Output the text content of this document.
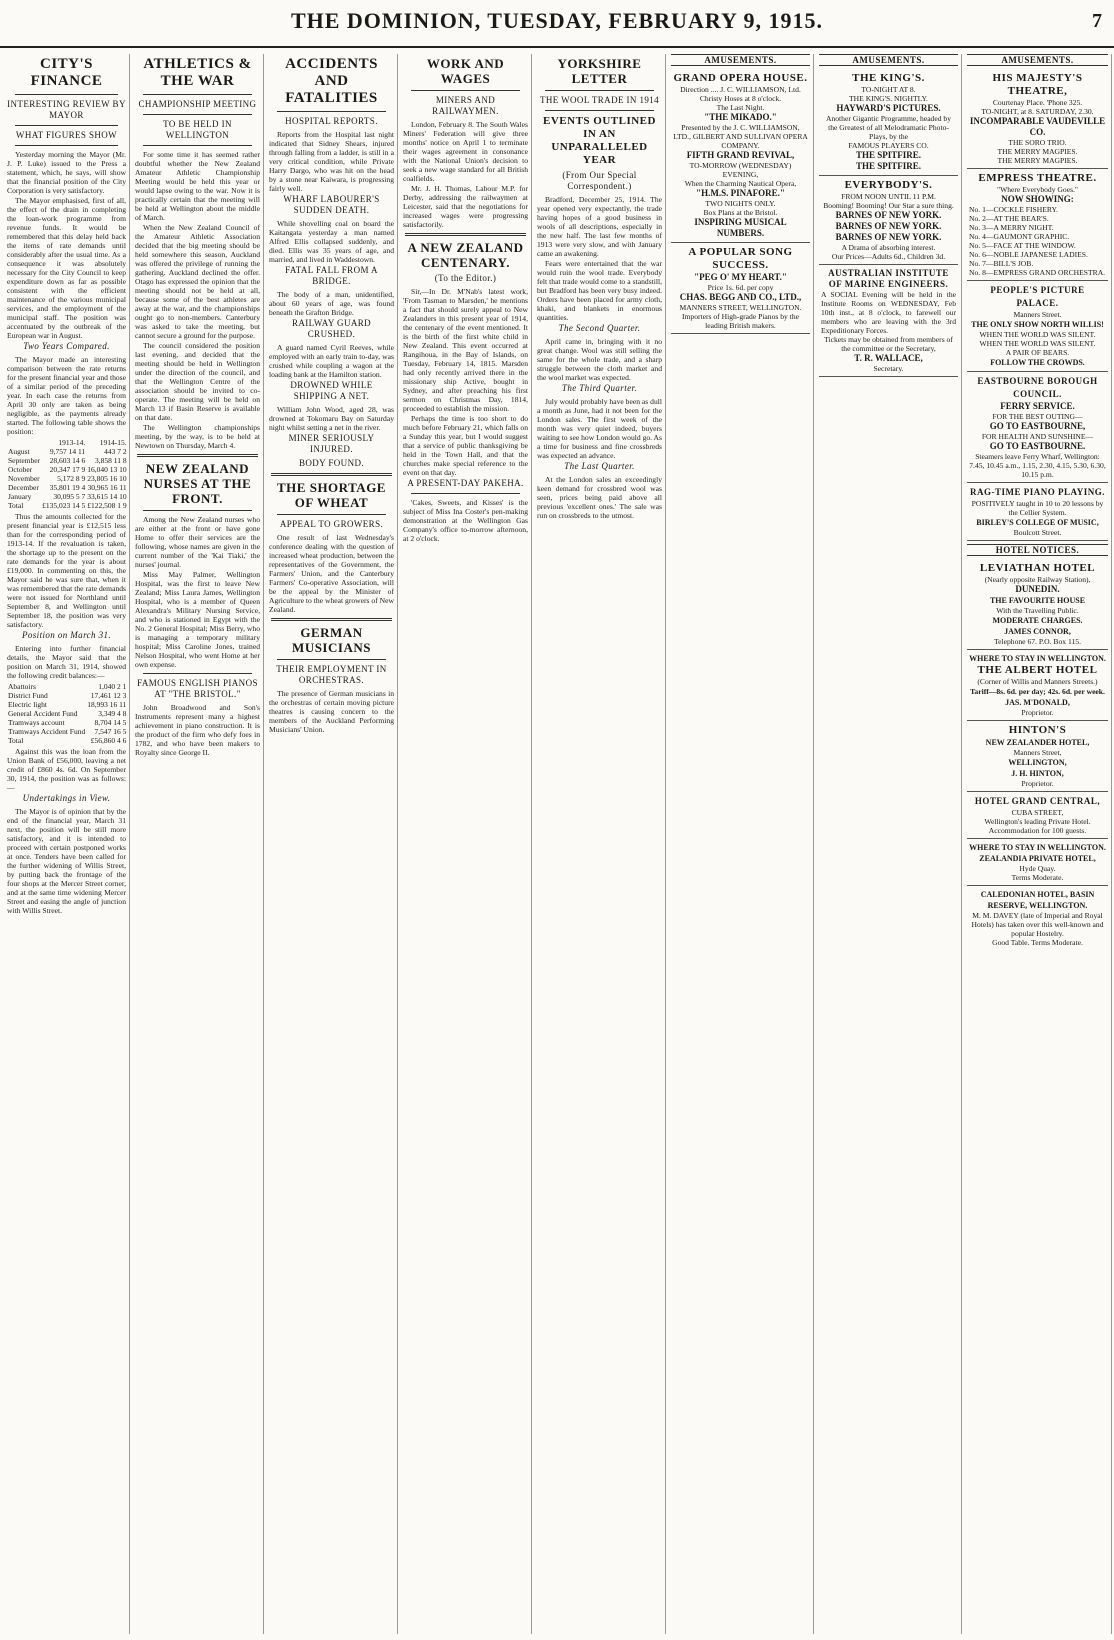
THE DOMINION, TUESDAY, FEBRUARY 9, 1915.	7
CITY'S FINANCE
INTERESTING REVIEW BY MAYOR
WHAT FIGURES SHOW

Yesterday morning the Mayor (Mr. J. P. Luke) issued to the Press a statement, which, he says, will show that the financial position of the City Corporation is very satisfactory.

The Mayor emphasised, first of all, the effect of the drain in completing the loan-work programme from revenue funds. It would be remembered that this delay held back the items of rate demands until considerably after the usual time. As a consequence it was absolutely necessary for the City Council to keep expenditure down as far as possible consistent with the efficient maintenance of the various municipal services, and the employment of the municipal staff. The position was accentuated by the outbreak of the European war in August.

Two Years Compared.

The Mayor made an interesting comparison between the rate returns for the present financial year and those of a similar period of the preceding year. In each case the returns from April 30 only are taken as being negligible, as the payments already started. The following table shows the position:

	1913-14.	1914-15.
August	9,757 14 11	443 7 2
September	28,603 14 6	3,858 11 8
October	20,347 17 9	16,040 13 10
November	5,172 8 9	23,805 16 10
December	35,801 19 4	30,965 16 11
January	30,095 5 7	33,615 14 10
Total	£135,023 14 5	£122,508 1 9

Thus the amounts collected for the present financial year is £12,515 less than for the corresponding period of 1913-14. If the revaluation is taken, the shortage up to the present on the rate demands for the year is about £19,000. In commenting on this, the Mayor said he was sure that, when it was remembered that the rate demands were not issued for Northland until September 8, and Wellington until September 18, the position was very satisfactory.

Position on March 31.

Entering into further financial details, the Mayor said that the position on March 31, 1914, showed the following credit balances:—

Abattoirs	1,040 2 1
District Fund	17,461 12 3
Electric light	18,993 16 11
General Accident Fund	3,349 4 8
Tramways account	8,704 14 5
Tramways Accident Fund	7,547 16 5
Total	£56,860 4 6

Against this was the loan from the Union Bank of £56,000, leaving a net credit of £860 4s. 6d. On September 30, 1914, the position was as follows:—

Undertakings in View.

The Mayor is of opinion that by the end of the financial year, March 31 next, the position will be still more satisfactory, and it is intended to proceed with certain postponed works at once. Tenders have been called for the further widening of Willis Street, by putting back the frontage of the four shops at the Mercer Street corner, and at the same time widening Mercer Street and easing the angle of junction with Willis Street.

ATHLETICS & THE WAR
CHAMPIONSHIP MEETING
TO BE HELD IN WELLINGTON

For some time it has seemed rather doubtful whether the New Zealand Amateur Athletic Championship Meeting would be held this year or would lapse owing to the war. Now it is practically certain that the meeting will be held at Wellington about the middle of March.

When the New Zealand Council of the Amateur Athletic Association decided that the big meeting should be held somewhere this season, Auckland was offered the privilege of running the gathering. Auckland declined the offer. Otago has expressed the opinion that the meeting should not be held at all, because some of the best athletes are away at the war, and the championships ought go to non-members. Canterbury was asked to take the meeting, but cannot secure a ground for the purpose.

The council considered the position last evening, and decided that the meeting should be held in Wellington under the direction of the council, and that the Wellington Centre of the association should be invited to co-operate. The meeting will be held on March 13 if Basin Reserve is available on that date.

The Wellington championships meeting, by the way, is to be held at Newtown on Thursday, March 4.

NEW ZEALAND NURSES AT THE FRONT.

Among the New Zealand nurses who are either at the front or have gone Home to offer their services are the following, whose names are given in the current number of the 'Kai Tiaki,' the nurses' journal.

Miss May Palmer, Wellington Hospital, was the first to leave New Zealand; Miss Laura James, Wellington Hospital, who is a member of Queen Alexandra's Military Nursing Service, and who is stationed in Egypt with the No. 2 General Hospital; Miss Berry, who is managing a temporary military hospital; Miss Caroline Jones, trained Nelson Hospital, who went Home at her own expense.

FAMOUS ENGLISH PIANOS AT "THE BRISTOL."

John Broadwood and Son's Instruments represent many a highest achievement in piano construction. It is the product of the firm who defy foes in 1782, and who have been makers to Royalty since George II.

ACCIDENTS AND FATALITIES
HOSPITAL REPORTS.

Reports from the Hospital last night indicated that Sidney Shears, injured through falling from a ladder, is still in a very critical condition, while Private Harry Dargo, who was hit on the head by a stone near Kaiwara, is progressing fairly well.

WHARF LABOURER'S SUDDEN DEATH.

While shovelling coal on board the Kaitangata yesterday a man named Alfred Ellis collapsed suddenly, and died. Ellis was 35 years of age, and married, and lived in Waddestown.

FATAL FALL FROM A BRIDGE.

The body of a man, unidentified, about 60 years of age, was found beneath the Grafton Bridge.

RAILWAY GUARD CRUSHED.

A guard named Cyril Reeves, while employed with an early train to-day, was crushed while coupling a wagon at the loading bank at the Hamilton station.

DROWNED WHILE SHIPPING A NET.

William John Wood, aged 28, was drowned at Tokomaru Bay on Saturday night whilst setting a net in the river.

MINER SERIOUSLY INJURED.
BODY FOUND.
THE SHORTAGE OF WHEAT
APPEAL TO GROWERS.

One result of last Wednesday's conference dealing with the question of increased wheat production, between the representatives of the Government, the Farmers' Union, and the Canterbury Farmers' Co-operative Association, will be the appeal by the Minister of Agriculture to the wheat growers of New Zealand.

GERMAN MUSICIANS
THEIR EMPLOYMENT IN ORCHESTRAS.

The presence of German musicians in the orchestras of certain moving picture theatres is causing concern to the members of the Auckland Performing Musicians' Union.

WORK AND WAGES
MINERS AND RAILWAYMEN.

London, February 8. The South Wales Miners' Federation will give three months' notice on April 1 to terminate their wages agreement in consonance with the National Union's decision to seek a new wage standard for all British coalfields.

Mr. J. H. Thomas, Labour M.P. for Derby, addressing the railwaymen at Leicester, said that the negotiations for increased wages were progressing satisfactorily.

A NEW ZEALAND CENTENARY.
(To the Editor.)

Sir,—In Dr. M'Nab's latest work, 'From Tasman to Marsden,' he mentions a fact that should surely appeal to New Zealanders in this present year of 1914, the centenary of the event mentioned. It is the birth of the first white child in New Zealand. This event occurred at Rangihoua, in the Bay of Islands, on Tuesday, February 14, 1815. Marsden had only recently arrived there in the missionary ship Active, bought in Sydney, and after preaching his first sermon on Christmas Day, 1814, proceeded to establish the mission.

Perhaps the time is too short to do much before February 21, which falls on a Sunday this year, but I would suggest that a service of public thanksgiving be held in the Town Hall, and that the churches make special reference to the event on that day.

A PRESENT-DAY PAKEHA.

'Cakes, Sweets, and Kisses' is the subject of Miss Ina Coster's pen-making demonstration at the Wellington Gas Company's office to-morrow afternoon, at 2 o'clock.

YORKSHIRE LETTER
THE WOOL TRADE IN 1914
EVENTS OUTLINED IN AN UNPARALLELED YEAR
(From Our Special Correspondent.)

Bradford, December 25, 1914. The year opened very expectantly, the trade having hopes of a good business in wools of all descriptions, especially in the new half. The last few months of 1913 were very slow, and with January came an awakening.

Fears were entertained that the war would ruin the wool trade. Everybody felt that trade would come to a standstill, but Bradford has been very busy indeed. Orders have been placed for army cloth, khaki, and blankets in enormous quantities.

The Second Quarter.

April came in, bringing with it no great change. Wool was still selling the same for the whole trade, and a sharp struggle between the cloth market and the wool market was expected.

The Third Quarter.

July would probably have been as dull a month as June, had it not been for the London sales. The first week of the month was very quiet indeed, buyers waiting to see how London would go. As a time for business and fine crossbreds was expected an advance.

The Last Quarter.

At the London sales an exceedingly keen demand for crossbred wool was seen, prices being paid above all previous 'excellent ones.' The sale was run on crossbreds to the utmost.

AMUSEMENTS.
GRAND OPERA HOUSE.
Direction .... J. C. WILLIAMSON, Ltd.
Christy Hoses at 8 o'clock.
The Last Night.
"THE MIKADO."
Presented by the J. C. WILLIAMSON, LTD., GILBERT AND SULLIVAN OPERA COMPANY.
FIFTH GRAND REVIVAL,
TO-MORROW (WEDNESDAY) EVENING,
When the Charming Nautical Opera,
"H.M.S. PINAFORE."
TWO NIGHTS ONLY.
Box Plans at the Bristol.
INSPIRING MUSICAL NUMBERS.
A POPULAR SONG SUCCESS.
"PEG O' MY HEART."
Price 1s. 6d. per copy
CHAS. BEGG AND CO., LTD.,
MANNERS STREET, WELLINGTON.
Importers of High-grade Pianos by the leading British makers.
AMUSEMENTS.
THE KING'S.
TO-NIGHT AT 8.
THE KING'S. NIGHTLY.
HAYWARD'S PICTURES.
Another Gigantic Programme, headed by the Greatest of all Melodramatic Photo-Plays, by the
FAMOUS PLAYERS CO.
THE SPITFIRE.
THE SPITFIRE.
EVERYBODY'S.
FROM NOON UNTIL 11 P.M.
Booming! Booming! Our Star a sure thing.
BARNES OF NEW YORK.
BARNES OF NEW YORK.
BARNES OF NEW YORK.
A Drama of absorbing interest.
Our Prices—Adults 6d., Children 3d.
AUSTRALIAN INSTITUTE OF MARINE ENGINEERS.
A SOCIAL Evening will be held in the Institute Rooms on WEDNESDAY, Feb 10th inst., at 8 o'clock, to farewell our members who are leaving with the 3rd Expeditionary Forces.
Tickets may be obtained from members of the committee or the Secretary,
T. R. WALLACE,
Secretary.
AMUSEMENTS.
HIS MAJESTY'S THEATRE,
Courtenay Place. 'Phone 325.
TO-NIGHT, at 8. SATURDAY, 2.30.
INCOMPARABLE VAUDEVILLE CO.
THE SORO TRIO.
THE MERRY MAGPIES.
THE MERRY MAGPIES.
EMPRESS THEATRE.
"Where Everybody Goes."
NOW SHOWING:
No. 1—COCKLE FISHERY.
No. 2—AT THE BEAR'S.
No. 3—A MERRY NIGHT.
No. 4—GAUMONT GRAPHIC.
No. 5—FACE AT THE WINDOW.
No. 6—NOBLE JAPANESE LADIES.
No. 7—BILL'S JOB.
No. 8—EMPRESS GRAND ORCHESTRA.
PEOPLE'S PICTURE PALACE.
Manners Street.
THE ONLY SHOW NORTH WILLIS!
WHEN THE WORLD WAS SILENT.
WHEN THE WORLD WAS SILENT.
A PAIR OF BEARS.
FOLLOW THE CROWDS.
EASTBOURNE BOROUGH COUNCIL.
FERRY SERVICE.
FOR THE BEST OUTING—
GO TO EASTBOURNE,
FOR HEALTH AND SUNSHINE—
GO TO EASTBOURNE.
Steamers leave Ferry Wharf, Wellington:
7.45, 10.45 a.m., 1.15, 2.30, 4.15, 5.30, 6.30, 10.15 p.m.
RAG-TIME PIANO PLAYING.
POSITIVELY taught in 10 to 20 lessons by the Cellier System.
BIRLEY'S COLLEGE OF MUSIC,
Boulcott Street.
HOTEL NOTICES.
LEVIATHAN HOTEL
(Nearly opposite Railway Station),
DUNEDIN.
THE FAVOURITE HOUSE
With the Travelling Public.
MODERATE CHARGES.
JAMES CONNOR,
Telephone 67. P.O. Box 115.
WHERE TO STAY IN WELLINGTON.
THE ALBERT HOTEL
(Corner of Willis and Manners Streets.)
Tariff—8s. 6d. per day; 42s. 6d. per week.
JAS. M'DONALD,
Proprietor.
HINTON'S
NEW ZEALANDER HOTEL,
Manners Street,
WELLINGTON,
J. H. HINTON,
Proprietor.
HOTEL GRAND CENTRAL,
CUBA STREET,
Wellington's leading Private Hotel.
Accommodation for 100 guests.
WHERE TO STAY IN WELLINGTON.
ZEALANDIA PRIVATE HOTEL,
Hyde Quay.
Terms Moderate.
CALEDONIAN HOTEL, BASIN RESERVE, WELLINGTON.
M. M. DAVEY (late of Imperial and Royal Hotels) has taken over this well-known and popular Hostelry.
Good Table. Terms Moderate.
